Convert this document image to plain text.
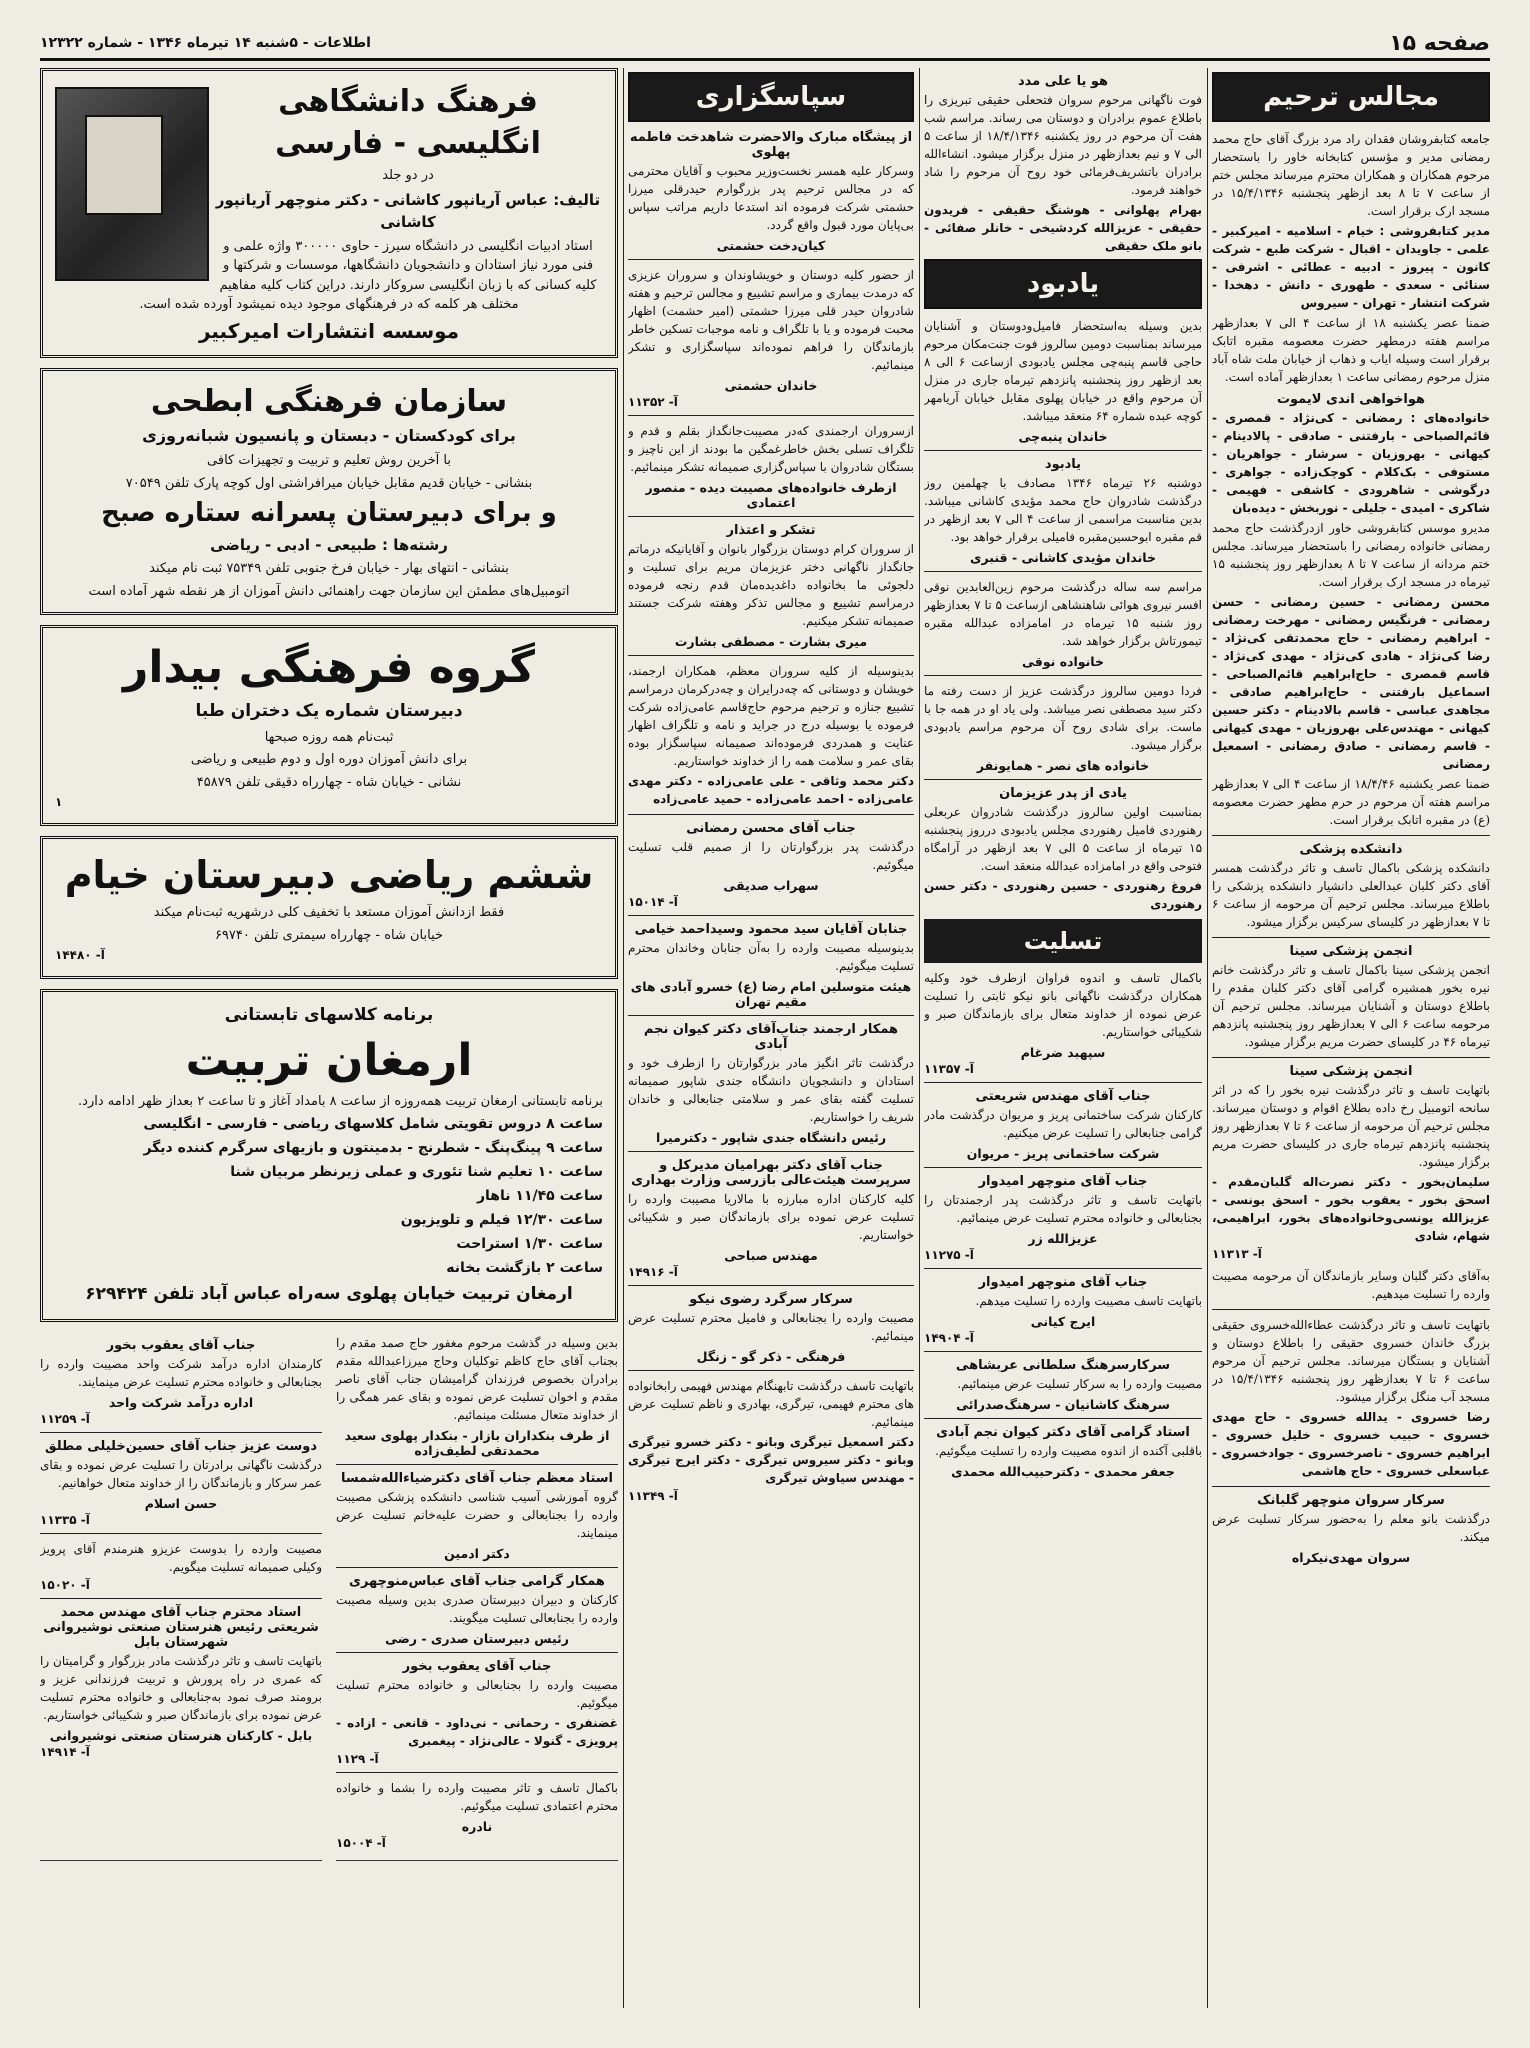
صفحه ۱۵
اطلاعات - ۵شنبه ۱۴ تیرماه ۱۳۴۶ - شماره ۱۲۳۲۲
مجالس ترحیم
جامعه کتابفروشان فقدان راد مرد بزرگ آقای حاج محمد رمضانی مدیر و مؤسس کتابخانه خاور را باستحضار مرحوم همکاران و همکاران محترم میرساند مجلس ختم از ساعت ۷ تا ۸ بعد ازظهر پنجشنبه ۱۵/۴/۱۳۴۶ در مسجد ارک برقرار است.
مدیر کتابفروشی : خیام - اسلامیه - امیرکبیر - علمی - جاویدان - اقبال - شرکت طبع - شرکت کانون - پیروز - ادبیه - عطائی - اشرفی - سنائی - سعدی - طهوری - دانش - دهخدا - شرکت انتشار - تهران - سیروس
ضمنا عصر یکشنبه ۱۸ از ساعت ۴ الی ۷ بعدازظهر مراسم هفته درمطهر حضرت معصومه مقبره اتابک برقرار است وسیله ایاب و ذهاب از خیابان ملت شاه آباد منزل مرحوم رمضانی ساعت ۱ بعدازظهر آماده است.
هواخواهی اندی لایموت
خانواده‌های : رمضانی - کی‌نژاد - قمصری - قائم‌الصباحی - بارفتنی - صادقی - پالادینام - کیهانی - بهروزیان - سرشار - جواهریان - مستوفی - بک‌کلام - کوچک‌زاده - جواهری - درگوشی - شاهرودی - کاشفی - فهیمی - شاکری - امیدی - جلیلی - نوربخش - دیده‌بان
مدیرو موسس کتابفروشی خاور ازدرگذشت حاج محمد رمضانی خانواده رمضانی را باستحضار میرساند. مجلس ختم مردانه از ساعت ۷ تا ۸ بعدازظهر روز پنجشنبه ۱۵ تیرماه در مسجد ارک برقرار است.
محسن رمضانی - حسین رمضانی - حسن رمضانی - فرنگیس رمضانی - مهرخت رمضانی - ابراهیم رمضانی - حاج محمدتقی کی‌نژاد - رضا کی‌نژاد - هادی کی‌نژاد - مهدی کی‌نژاد - قاسم قمصری - حاج‌ابراهیم قائم‌الصباحی - اسماعیل بارفتنی - حاج‌ابراهیم صادقی - مجاهدی عباسی - قاسم بالادینام - دکتر حسین کیهانی - مهندس‌علی بهروزیان - مهدی کیهانی - قاسم رمضانی - صادق رمضانی - اسمعیل رمضانی
ضمنا عصر یکشنبه ۱۸/۴/۴۶ از ساعت ۴ الی ۷ بعدازظهر مراسم هفته آن مرحوم در حرم مطهر حضرت معصومه (ع) در مقبره اتابک برقرار است.
دانشکده پزشکی
دانشکده پزشکی باکمال تاسف و تاثر درگذشت همسر آقای دکتر کلبان عبدالعلی دانشیار دانشکده پزشکی را باطلاع میرساند. مجلس ترحیم آن مرحومه از ساعت ۶ تا ۷ بعدازظهر در کلیسای سرکیس برگزار میشود.
انجمن پزشکی سینا
انجمن پزشکی سینا باکمال تاسف و تاثر درگذشت خانم نیره بخور همشیره گرامی آقای دکتر کلبان مقدم را باطلاع دوستان و آشنایان میرساند. مجلس ترحیم آن مرحومه ساعت ۶ الی ۷ بعدازظهر روز پنجشنبه پانزدهم تیرماه ۴۶ در کلیسای حضرت مریم برگزار میشود.
انجمن پزشکی سینا
باتهایت تاسف و تاثر درگذشت نیره بخور را که در اثر سانحه اتومبیل رخ داده بطلاع اقوام و دوستان میرساند. مجلس ترحیم آن مرحومه از ساعت ۶ تا ۷ بعدازظهر روز پنجشنبه پانزدهم تیرماه جاری در کلیسای حضرت مریم برگزار میشود.
سلیمان‌بخور - دکتر نصرت‌اله گلبان‌مقدم - اسحق بخور - یعقوب بخور - اسحق یونسی - عزیزالله یونسی‌وخانواده‌های بخور، ابراهیمی، شهام، شادی
آ- ۱۱۳۱۳
به‌آقای دکتر گلبان وسایر بازماندگان آن مرحومه مصیبت وارده را تسلیت میدهیم.
باتهایت تاسف و تاثر درگذشت عطاءالله‌خسروی حقیقی بزرگ خاندان خسروی حقیقی را باطلاع دوستان و آشنایان و بستگان میرساند. مجلس ترحیم آن مرحوم ساعت ۶ تا ۷ بعدازظهر روز پنجشنبه ۱۵/۴/۱۳۴۶ در مسجد آب منگل برگزار میشود.
رضا خسروی - یدالله خسروی - حاج مهدی خسروی - حبیب خسروی - خلیل خسروی - ابراهیم خسروی - ناصرخسروی - جوادخسروی - عباسعلی خسروی - حاج هاشمی
سرکار سروان منوچهر گلبانک
درگذشت بانو معلم را به‌حضور سرکار تسلیت عرض میکند.
سروان مهدی‌نیکراه
هو یا علی مدد
فوت ناگهانی مرحوم سروان فتحعلی حقیقی تبریزی را باطلاع عموم برادران و دوستان می رساند. مراسم شب هفت آن مرحوم در روز یکشنبه ۱۸/۴/۱۳۴۶ از ساعت ۵ الی ۷ و نیم بعدازظهر در منزل برگزار میشود. انشاءالله برادران باتشریف‌فرمائی خود روح آن مرحوم را شاد خواهند فرمود.
بهرام پهلوانی - هوشنگ حقیقی - فریدون حقیقی - عزیزالله کردشیخی - خانلر صفائی - بانو ملک حقیقی
یادبود
بدین وسیله به‌استحضار فامیل‌ودوستان و آشنایان میرساند بمناسبت دومین سالروز فوت جنت‌مکان مرحوم حاجی قاسم پنبه‌چی مجلس یادبودی ازساعت ۶ الی ۸ بعد ازظهر روز پنجشنبه پانزدهم تیرماه جاری در منزل آن مرحوم واقع در خیابان پهلوی مقابل خیابان آریامهر کوچه عبده شماره ۶۴ منعقد میباشد.
خاندان پنبه‌چی
یادبود
دوشنبه ۲۶ تیرماه ۱۳۴۶ مصادف با چهلمین روز درگذشت شادروان حاج محمد مؤیدی کاشانی میباشد. بدین مناسبت مراسمی از ساعت ۴ الی ۷ بعد ازظهر در قم مقبره ابوحسین‌مقبره فامیلی برقرار خواهد بود.
خاندان مؤیدی کاشانی - قنبری
مراسم سه ساله درگذشت مرحوم زین‌العابدین نوقی افسر نیروی هوائی شاهنشاهی ازساعت ۵ تا ۷ بعدازظهر روز شنبه ۱۵ تیرماه در امامزاده عبدالله مقبره تیمورتاش برگزار خواهد شد.
خانواده نوقی
فردا دومین سالروز درگذشت عزیز از دست رفته ما دکتر سید مصطفی نصر میباشد. ولی یاد او در همه جا با ماست. برای شادی روح آن مرحوم مراسم یادبودی برگزار میشود.
خانواده های نصر - همایونفر
یادی از پدر عزیزمان
بمناسبت اولین سالروز درگذشت شادروان عربعلی رهنوردی فامیل رهنوردی مجلس یادبودی درروز پنجشنبه ۱۵ تیرماه از ساعت ۵ الی ۷ بعد ازظهر در آرامگاه فتوحی واقع در امامزاده عبدالله منعقد است.
فروغ رهنوردی - حسین رهنوردی - دکتر حسن رهنوردی
تسلیت
باکمال تاسف و اندوه فراوان ازطرف خود وکلیه همکاران درگذشت ناگهانی بانو نیکو ثابتی را تسلیت عرض نموده از خداوند متعال برای بازماندگان صبر و شکیبائی خواستاریم.
سپهبد ضرغام
آ- ۱۱۳۵۷
جناب آقای مهندس شریعتی
کارکنان شرکت ساختمانی پریز و مریوان درگذشت مادر گرامی جنابعالی را تسلیت عرض میکنیم.
شرکت ساختمانی پریز - مریوان
جناب آقای منوچهر امیدوار
باتهایت تاسف و تاثر درگذشت پدر ارجمندتان را بجنابعالی و خانواده محترم تسلیت عرض مینمائیم.
عزیزالله زر
آ- ۱۱۲۷۵
جناب آقای منوچهر امیدوار
باتهایت تاسف مصیبت وارده را تسلیت میدهم.
ایرج کیانی
آ- ۱۴۹۰۴
سرکارسرهنگ سلطانی عربشاهی
مصیبت وارده را به سرکار تسلیت عرض مینمائیم.
سرهنگ کاشانیان - سرهنگ‌صدرائی
استاد گرامی آقای دکتر کیوان نجم آبادی
باقلبی آکنده از اندوه مصیبت وارده را تسلیت میگوئیم.
جعفر محمدی - دکترحبیب‌الله محمدی
سپاسگزاری
از پیشگاه مبارک والاحضرت شاهدخت فاطمه پهلوی
وسرکار علیه همسر نخست‌وزیر محبوب و آقایان محترمی که در مجالس ترحیم پدر بزرگوارم حیدرقلی میرزا حشمتی شرکت فرموده اند استدعا داریم مراتب سپاس بی‌پایان مورد قبول واقع گردد.
کیان‌دخت حشمتی
از حضور کلیه دوستان و خویشاوندان و سروران عزیزی که درمدت بیماری و مراسم تشییع و مجالس ترحیم و هفته شادروان حیدر قلی میرزا حشمتی (امیر حشمت) اظهار محبت فرموده و یا با تلگراف و نامه موجبات تسکین خاطر بازماندگان را فراهم نموده‌اند سپاسگزاری و تشکر مینمائیم.
خاندان حشمتی
آ- ۱۱۳۵۲
ازسروران ارجمندی که‌در مصیبت‌جانگداز بقلم و قدم و تلگراف تسلی بخش خاطرغمگین ما بودند از این ناچیز و بستگان شادروان با سپاس‌گزاری صمیمانه تشکر مینمائیم.
ازطرف خانواده‌های مصیبت دیده - منصور اعتمادی
تشکر و اعتذار
از سروران کرام دوستان بزرگوار بانوان و آقایانیکه درماتم جانگداز ناگهانی دختر عزیزمان مریم برای تسلیت و دلجوئی ما بخانواده داغدیده‌مان قدم رنجه فرموده درمراسم تشییع و مجالس تذکر وهفته شرکت جستند صمیمانه تشکر میکنیم.
میری بشارت - مصطفی بشارت
بدینوسیله از کلیه سروران معظم، همکاران ارجمند، خویشان و دوستانی که چه‌درایران و چه‌درکرمان درمراسم تشییع جنازه و ترحیم مرحوم حاج‌قاسم عامی‌زاده شرکت فرموده یا بوسیله درج در جراید و نامه و تلگراف اظهار عنایت و همدردی فرموده‌اند صمیمانه سپاسگزار بوده بقای عمر و سلامت همه را از خداوند خواستاریم.
دکتر محمد وثاقی - علی عامی‌زاده - دکتر مهدی عامی‌زاده - احمد عامی‌زاده - حمید عامی‌زاده
جناب آقای محسن رمضانی
درگذشت پدر بزرگوارتان را از صمیم قلب تسلیت میگوئیم.
سهراب صدیقی
آ- ۱۵۰۱۴
جنابان آقایان سید محمود وسیداحمد خیامی
بدینوسیله مصیبت وارده را به‌آن جنابان وخاندان محترم تسلیت میگوئیم.
هیئت متوسلین امام رضا (ع) خسرو آبادی های مقیم تهران
همکار ارجمند جناب‌آقای دکتر کیوان نجم آبادی
درگذشت تاثر انگیز مادر بزرگوارتان را ازطرف خود و استادان و دانشجویان دانشگاه جندی شاپور صمیمانه تسلیت گفته بقای عمر و سلامتی جنابعالی و خاندان شریف را خواستاریم.
رئیس دانشگاه جندی شاپور - دکترمیرا
جناب آقای دکتر بهرامیان مدیرکل و سرپرست هیئت‌عالی بازرسی وزارت بهداری
کلیه کارکنان اداره مبارزه با مالاریا مصیبت وارده را تسلیت عرض نموده برای بازماندگان صبر و شکیبائی خواستاریم.
مهندس صباحی
آ- ۱۴۹۱۶
سرکار سرگرد رضوی نیکو
مصیبت وارده را بجنابعالی و فامیل محترم تسلیت عرض مینمائیم.
فرهنگی - ذکر گو - زنگل
باتهایت تاسف درگذشت تابهنگام مهندس فهیمی رابخانواده های محترم فهیمی، تیرگری، بهادری و ناظم تسلیت عرض مینمائیم.
دکتر اسمعیل تیرگری وبانو - دکتر خسرو تیرگری وبانو - دکتر سیروس تیرگری - دکتر ایرج تیرگری - مهندس سیاوش تیرگری
آ- ۱۱۳۴۹
فرهنگ دانشگاهی
انگلیسی - فارسی

در دو جلد

تالیف: عباس آریانپور کاشانی - دکتر منوچهر آریانپور کاشانی

استاد ادبیات انگلیسی در دانشگاه سیرز - حاوی ۳۰۰۰۰۰ واژه علمی و فنی مورد نیاز استادان و دانشجویان دانشگاهها، موسسات و شرکتها و کلیه کسانی که با زبان انگلیسی سروکار دارند. دراین کتاب کلیه مفاهیم مختلف هر کلمه که در فرهنگهای موجود دیده نمیشود آورده شده است.

موسسه انتشارات امیرکبیر
سازمان فرهنگی ابطحی

برای کودکستان - دبستان و پانسیون شبانه‌روزی

با آخرین روش تعلیم و تربیت و تجهیزات کافی

بنشانی - خیابان قدیم مقابل خیابان میرافراشتی اول کوچه پارک تلفن ۷۰۵۴۹

و برای دبیرستان پسرانه ستاره صبح

رشته‌ها : طبیعی - ادبی - ریاضی

بنشانی - انتهای بهار - خیابان فرخ جنوبی تلفن ۷۵۳۴۹ ثبت نام میکند

اتومبیل‌های مطمئن این سازمان جهت راهنمائی دانش آموزان از هر نقطه شهر آماده است

گروه فرهنگی بیدار

دبیرستان شماره یک دختران طبا

ثبت‌نام همه روزه صبحها

برای دانش آموزان دوره اول و دوم طبیعی و ریاضی

نشانی - خیابان شاه - چهارراه دقیقی تلفن ۴۵۸۷۹

۱
ششم ریاضی دبیرستان خیام

فقط ازدانش آموزان مستعد با تخفیف کلی درشهریه ثبت‌نام میکند

خیابان شاه - چهارراه سیمتری تلفن ۶۹۷۴۰

آ- ۱۴۴۸۰

برنامه کلاسهای تابستانی

ارمغان تربیت

برنامه تابستانی ارمغان تربیت همه‌روزه از ساعت ۸ بامداد آغاز و تا ساعت ۲ بعداز ظهر ادامه دارد.

ساعت ۸ دروس تقویتی شامل کلاسهای ریاضی - فارسی - انگلیسی

ساعت ۹ پینگ‌پنگ - شطرنج - بدمینتون و بازیهای سرگرم کننده دیگر

ساعت ۱۰ تعلیم شنا تئوری و عملی زیرنظر مربیان شنا

ساعت ۱۱/۴۵ ناهار

ساعت ۱۲/۳۰ فیلم و تلویزیون

ساعت ۱/۳۰ استراحت

ساعت ۲ بازگشت بخانه

ارمغان تربیت خیابان پهلوی سه‌راه عباس آباد تلفن ۶۲۹۴۲۴

بدین وسیله در گذشت مرحوم مغفور حاج صمد مقدم را بجناب آقای حاج کاظم توکلیان وحاج میرزاعبدالله مقدم برادران بخصوص فرزندان گرامیشان جناب آقای ناصر مقدم و اخوان تسلیت عرض نموده و بقای عمر همگی را از خداوند متعال مسئلت مینمائیم.
از طرف بنکداران بازار - بنکدار پهلوی سعید محمدتقی لطیف‌زاده
استاد معظم جناب آقای دکترضیاءالله‌شمسا
گروه آموزشی آسیب شناسی دانشکده پزشکی مصیبت وارده را بجنابعالی و حضرت علیه‌خانم تسلیت عرض مینمایند.
دکتر ادمین
همکار گرامی جناب آقای عباس‌منوچهری
کارکنان و دبیران دبیرستان صدری بدین وسیله مصیبت وارده را بجنابعالی تسلیت میگویند.
رئیس دبیرستان صدری - رضی
جناب آقای یعقوب بخور
مصیبت وارده را بجنابعالی و خانواده محترم تسلیت میگوئیم.
غضنفری - رحمانی - نی‌داود - قانعی - ازاده - پرویزی - گنولا - عالی‌نژاد - پیغمبری
آ- ۱۱۲۹
باکمال تاسف و تاثر مصیبت وارده را بشما و خانواده محترم اعتمادی تسلیت میگوئیم.
نادره
آ- ۱۵۰۰۴
جناب آقای یعقوب بخور
کارمندان اداره درآمد شرکت واحد مصیبت وارده را بجنابعالی و خانواده محترم تسلیت عرض مینمایند.
اداره درآمد شرکت واحد
آ- ۱۱۲۵۹
دوست عزیز جناب آقای حسین‌خلیلی مطلق
درگذشت ناگهانی برادرتان را تسلیت عرض نموده و بقای عمر سرکار و بازماندگان را از خداوند متعال خواهانیم.
حسن اسلام
آ- ۱۱۳۳۵
مصیبت وارده را بدوست عزیزو هنرمندم آقای پرویز وکیلی صمیمانه تسلیت میگویم.
آ- ۱۵۰۲۰
استاد محترم جناب آقای مهندس محمد شریعتی رئیس هنرستان صنعتی نوشیروانی شهرستان بابل
باتهایت تاسف و تاثر درگذشت مادر بزرگوار و گرامیتان را که عمری در راه پرورش و تربیت فرزندانی عزیز و برومند صرف نمود به‌جنابعالی و خانواده محترم تسلیت عرض نموده برای بازماندگان صبر و شکیبائی خواستاریم.
بابل - کارکنان هنرستان صنعتی نوشیروانی
آ- ۱۴۹۱۴
